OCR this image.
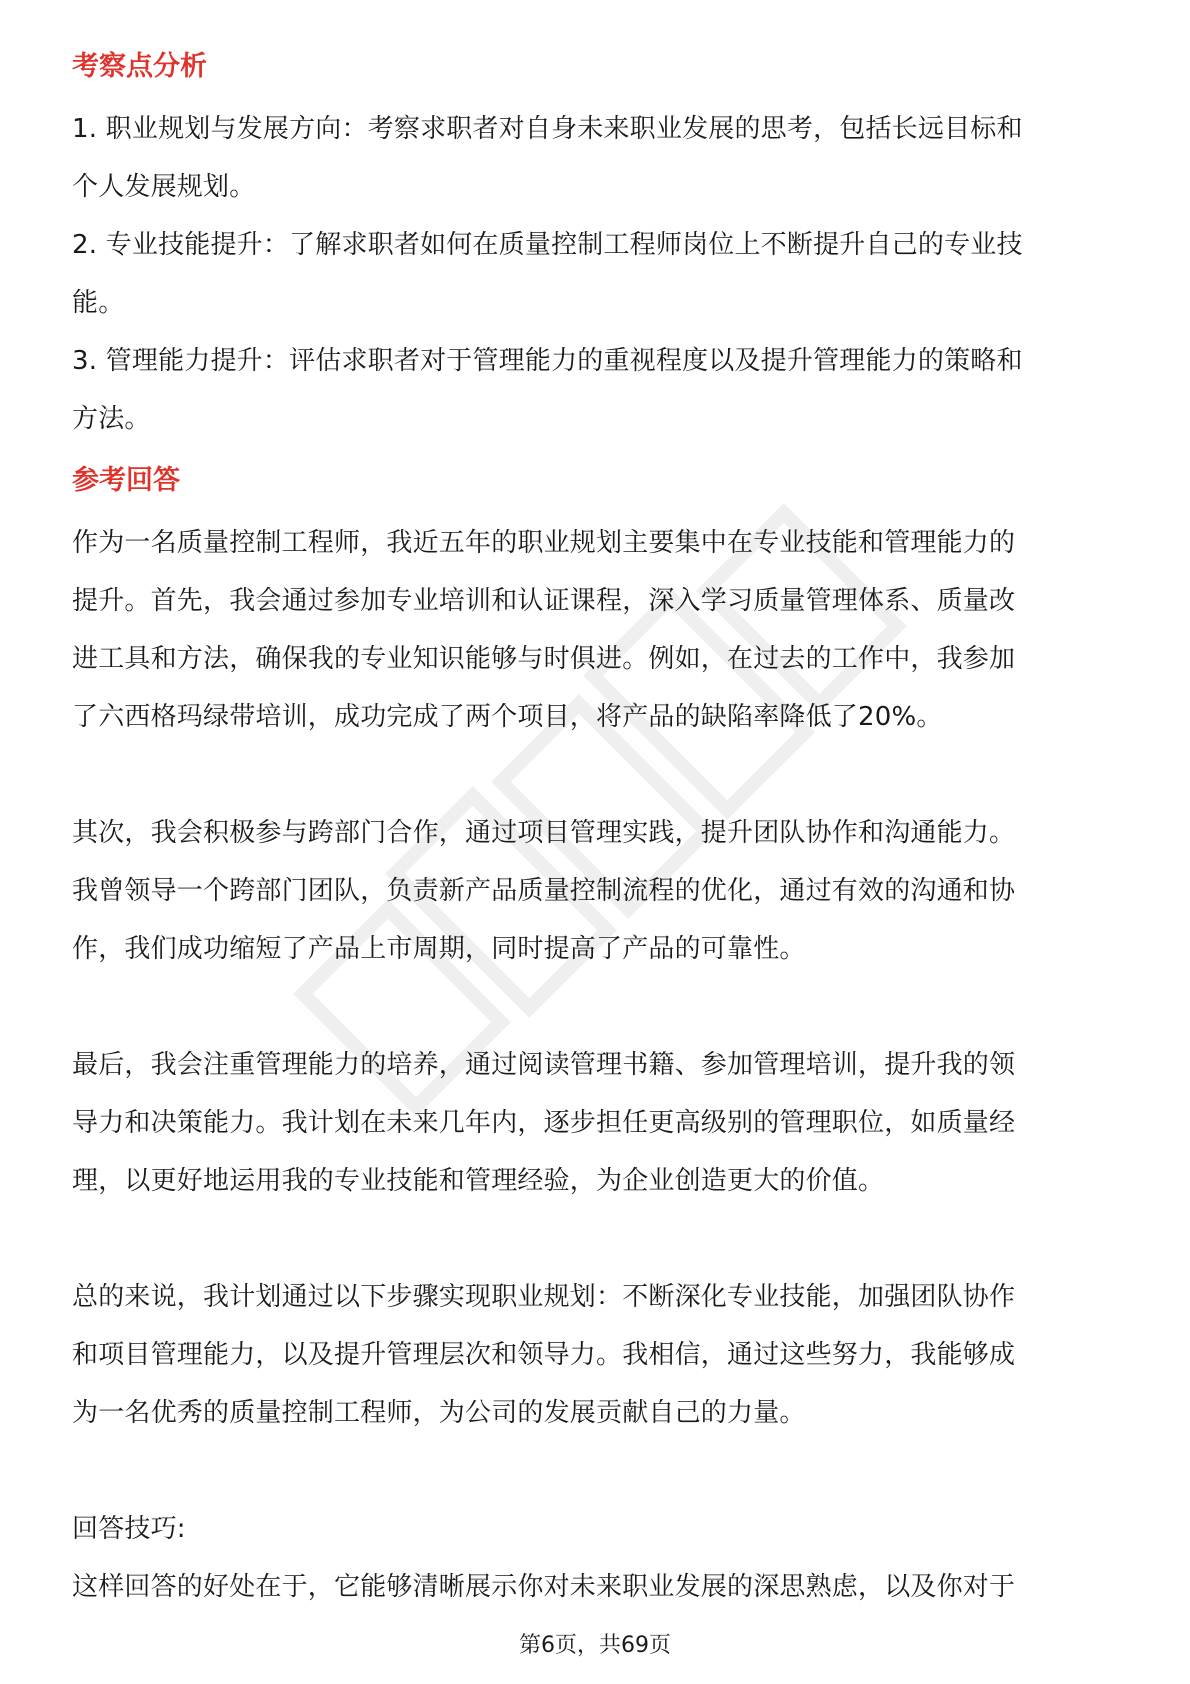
考察点分析
1. 职业规划与发展方向：考察求职者对自身未来职业发展的思考，包括长远目标和
个人发展规划。
2. 专业技能提升：了解求职者如何在质量控制工程师岗位上不断提升自己的专业技
能。
3. 管理能力提升：评估求职者对于管理能力的重视程度以及提升管理能力的策略和
方法。
参考回答
作为一名质量控制工程师，我近五年的职业规划主要集中在专业技能和管理能力的
提升。首先，我会通过参加专业培训和认证课程，深入学习质量管理体系、质量改
进工具和方法，确保我的专业知识能够与时俱进。例如，在过去的工作中，我参加
了六西格玛绿带培训，成功完成了两个项目，将产品的缺陷率降低了20%。
其次，我会积极参与跨部门合作，通过项目管理实践，提升团队协作和沟通能力。
我曾领导一个跨部门团队，负责新产品质量控制流程的优化，通过有效的沟通和协
作，我们成功缩短了产品上市周期，同时提高了产品的可靠性。
最后，我会注重管理能力的培养，通过阅读管理书籍、参加管理培训，提升我的领
导力和决策能力。我计划在未来几年内，逐步担任更高级别的管理职位，如质量经
理，以更好地运用我的专业技能和管理经验，为企业创造更大的价值。
总的来说，我计划通过以下步骤实现职业规划：不断深化专业技能，加强团队协作
和项目管理能力，以及提升管理层次和领导力。我相信，通过这些努力，我能够成
为一名优秀的质量控制工程师，为公司的发展贡献自己的力量。
回答技巧:
这样回答的好处在于，它能够清晰展示你对未来职业发展的深思熟虑，以及你对于
第6页，共69页
